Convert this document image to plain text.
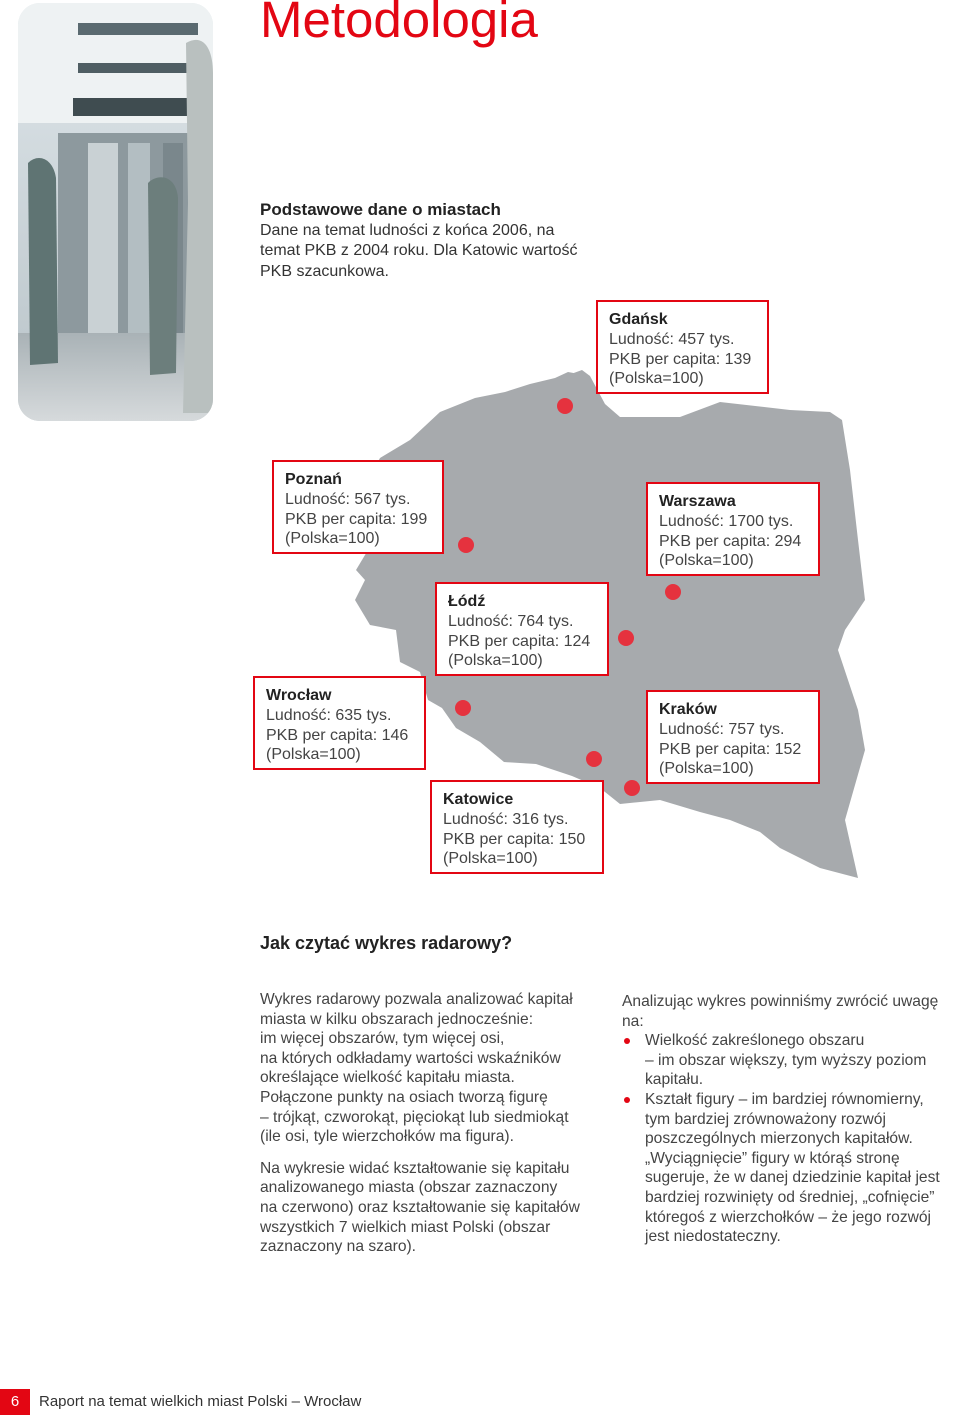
Metodologia
Podstawowe dane o miastach

Dane na temat ludności z końca 2006, na

temat PKB z 2004 roku. Dla Katowic wartość

PKB szacunkowa.

Gdańsk
Ludność: 457 tys.
PKB per capita: 139
(Polska=100)
Poznań
Ludność: 567 tys.
PKB per capita: 199
(Polska=100)
Warszawa
Ludność: 1700 tys.
PKB per capita: 294
(Polska=100)
Łódź
Ludność: 764 tys.
PKB per capita: 124
(Polska=100)
Wrocław
Ludność: 635 tys.
PKB per capita: 146
(Polska=100)
Kraków
Ludność: 757 tys.
PKB per capita: 152
(Polska=100)
Katowice
Ludność: 316 tys.
PKB per capita: 150
(Polska=100)
Jak czytać wykres radarowy?

Wykres radarowy pozwala analizować kapitał
miasta w kilku obszarach jednocześnie:
im więcej obszarów, tym więcej osi,
na których odkładamy wartości wskaźników
określające wielkość kapitału miasta.
Połączone punkty na osiach tworzą figurę
– trójkąt, czworokąt, pięciokąt lub siedmiokąt
(ile osi, tyle wierzchołków ma figura).

Na wykresie widać kształtowanie się kapitału
analizowanego miasta (obszar zaznaczony
na czerwono) oraz kształtowanie się kapitałów
wszystkich 7 wielkich miast Polski (obszar
zaznaczony na szaro).

Analizując wykres powinniśmy zwrócić uwagę
na:

Wielkość zakreślonego obszaru
– im obszar większy, tym wyższy poziom
kapitału.
Kształt figury – im bardziej równomierny,
tym bardziej zrównoważony rozwój
poszczególnych mierzonych kapitałów.
„Wyciągnięcie” figury w którąś stronę
sugeruje, że w danej dziedzinie kapitał jest
bardziej rozwinięty od średniej, „cofnięcie”
któregoś z wierzchołków – że jego rozwój
jest niedostateczny.
6	Raport na temat wielkich miast Polski – Wrocław
